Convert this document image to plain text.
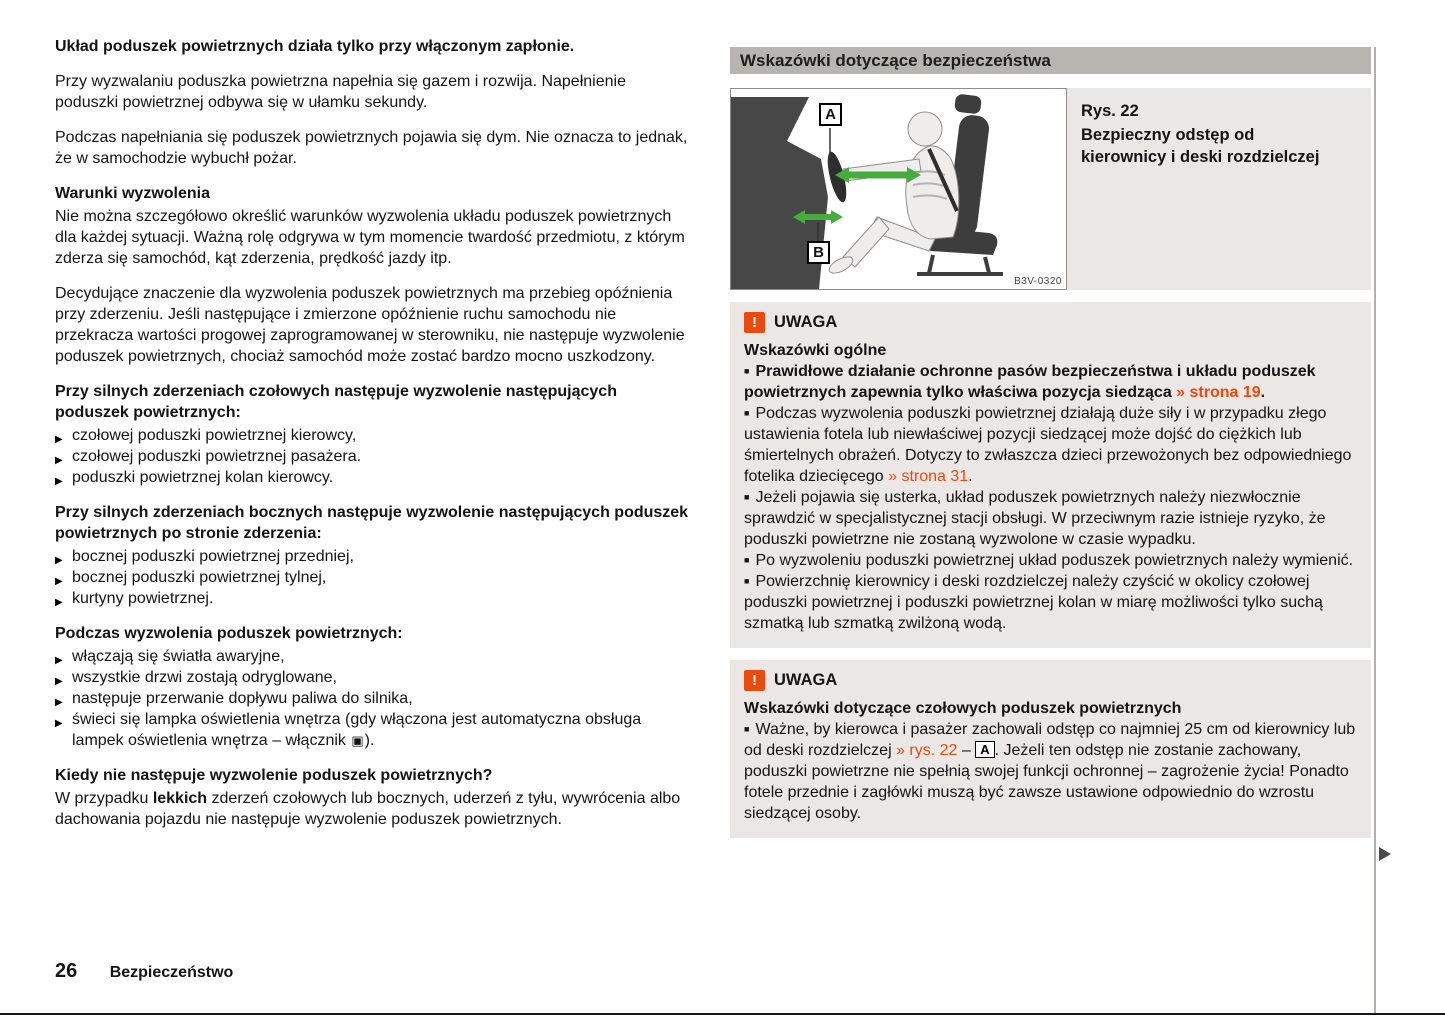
Układ poduszek powietrznych działa tylko przy włączonym zapłonie.
Przy wyzwalaniu poduszka powietrzna napełnia się gazem i rozwija. Napełnienie poduszki powietrznej odbywa się w ułamku sekundy.
Podczas napełniania się poduszek powietrznych pojawia się dym. Nie oznacza to jednak, że w samochodzie wybuchł pożar.
Warunki wyzwolenia
Nie można szczegółowo określić warunków wyzwolenia układu poduszek powietrznych dla każdej sytuacji. Ważną rolę odgrywa w tym momencie twardość przedmiotu, z którym zderza się samochód, kąt zderzenia, prędkość jazdy itp.
Decydujące znaczenie dla wyzwolenia poduszek powietrznych ma przebieg opóźnienia przy zderzeniu. Jeśli następujące i zmierzone opóźnienie ruchu samochodu nie przekracza wartości progowej zaprogramowanej w sterowniku, nie następuje wyzwolenie poduszek powietrznych, chociaż samochód może zostać bardzo mocno uszkodzony.
Przy silnych zderzeniach czołowych następuje wyzwolenie następujących poduszek powietrznych:
▶ czołowej poduszki powietrznej kierowcy,
▶ czołowej poduszki powietrznej pasażera.
▶ poduszki powietrznej kolan kierowcy.
Przy silnych zderzeniach bocznych następuje wyzwolenie następujących poduszek powietrznych po stronie zderzenia:
▶ bocznej poduszki powietrznej przedniej,
▶ bocznej poduszki powietrznej tylnej,
▶ kurtyny powietrznej.
Podczas wyzwolenia poduszek powietrznych:
▶ włączają się światła awaryjne,
▶ wszystkie drzwi zostają odryglowane,
▶ następuje przerwanie dopływu paliwa do silnika,
▶ świeci się lampka oświetlenia wnętrza (gdy włączona jest automatyczna obsługa lampek oświetlenia wnętrza – włącznik ▣).
Kiedy nie następuje wyzwolenie poduszek powietrznych?
W przypadku lekkich zderzeń czołowych lub bocznych, uderzeń z tyłu, wywrócenia albo dachowania pojazdu nie następuje wyzwolenie poduszek powietrznych.
Wskazówki dotyczące bezpieczeństwa
A
B
B3V-0320
Rys. 22
Bezpieczny odstęp od kierownicy i deski rozdzielczej
!	UWAGA
Wskazówki ogólne
■ Prawidłowe działanie ochronne pasów bezpieczeństwa i układu poduszek powietrznych zapewnia tylko właściwa pozycja siedząca » strona 19.
■ Podczas wyzwolenia poduszki powietrznej działają duże siły i w przypadku złego ustawienia fotela lub niewłaściwej pozycji siedzącej może dojść do ciężkich lub śmiertelnych obrażeń. Dotyczy to zwłaszcza dzieci przewożonych bez odpowiedniego fotelika dziecięcego » strona 31.
■ Jeżeli pojawia się usterka, układ poduszek powietrznych należy niezwłocznie sprawdzić w specjalistycznej stacji obsługi. W przeciwnym razie istnieje ryzyko, że poduszki powietrzne nie zostaną wyzwolone w czasie wypadku.
■ Po wyzwoleniu poduszki powietrznej układ poduszek powietrznych należy wymienić.
■ Powierzchnię kierownicy i deski rozdzielczej należy czyścić w okolicy czołowej poduszki powietrznej i poduszki powietrznej kolan w miarę możliwości tylko suchą szmatką lub szmatką zwilżoną wodą.
!	UWAGA
Wskazówki dotyczące czołowych poduszek powietrznych
■ Ważne, by kierowca i pasażer zachowali odstęp co najmniej 25 cm od kierownicy lub od deski rozdzielczej » rys. 22 – A . Jeżeli ten odstęp nie zostanie zachowany, poduszki powietrzne nie spełnią swojej funkcji ochronnej – zagrożenie życia! Ponadto fotele przednie i zagłówki muszą być zawsze ustawione odpowiednio do wzrostu siedzącej osoby.
26 Bezpieczeństwo
